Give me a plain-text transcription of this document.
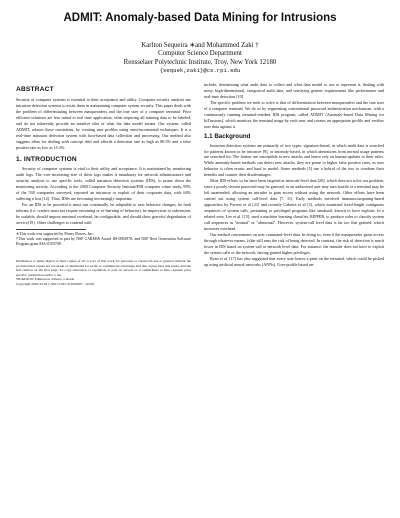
ADMIT: Anomaly-based Data Mining for Intrusions
Karlton Sequeira ∗and Mohammed Zaki †
Computer Science Department
Rensselaer Polytechnic Institute, Troy, New York 12180
{sequek,zaki}@cs.rpi.edu
ABSTRACT

Security of computer systems is essential to their acceptance and utility. Computer security analysts use intrusion detection systems to assist them in maintaining computer system security. This paper deals with the problem of differentiating between masqueraders and the true user of a computer terminal. Prior efficient solutions are less suited to real time application, often requiring all training data to be labeled, and do not inherently provide an intuitive idea of what the data model means. Our system, called ADMIT, relaxes these constraints, by creating user profiles using semi-incremental techniques. It is a real-time intrusion detection system with host-based data collection and processing. Our method also suggests ideas for dealing with concept drift and affords a detection rate as high as 80.3% and a false positive rate as low as 15.3%.

1. INTRODUCTION

Security of computer systems is vital to their utility and acceptance. It is maintained by monitoring audit logs. The ever-increasing size of these logs makes it mandatory for network administrators and security analysts to use specific tools, called intrusion detection systems (IDS), to prune down the monitoring activity. According to the 2000 Computer Security Institute/FBI computer crime study, 85% of the 538 companies surveyed, reported an intrusion or exploit of their corporate data, with 64% suffering a loss [12]. Thus, IDSs are becoming increasingly important.

For an IDS to be powerful it must run continually, be adaptable to new behavior changes, be fault tolerant (i.e, crashes must not require retraining or re-learning of behavior), be impervious to subversion, be scalable, should impose minimal overhead, be configurable, and should show graceful degradation of service[19]. Other challenges to contend with

∗This work was supported by Pitney Bowes, Inc.
†This work was supported in part by NSF CAREER Award IIS-0092978, and NSF Next Generation Software Program grant EIA-0103708.
Permission to make digital or hard copies of all or part of this work for personal or classroom use is granted without fee provided that copies are not made or distributed for profit or commercial advantage and that copies bear this notice and the full citation on the first page. To copy otherwise, to republish, to post on servers or to redistribute to lists, requires prior specific permission and/or a fee.
SIGKDD 02 Edmonton, Alberta, Canada
Copyright 2002 ACM 1-58113-567-X/02/0007 ...$5.00.

include, determining what audit data to collect and what data model to use to represent it, dealing with noisy, high-dimensional, categorical audit data, and satisfying generic requirements like performance and real-time detection [10].

The specific problem we seek to solve is that of differentiation between masqueraders and the true user of a computer terminal. We do so by segmenting conventional password authentication mechanism, with a continuously running terminal-resident IDS program, called ADMIT (Anomaly-based Data Mining for InTrusions), which monitors the terminal usage by each user and creates an appropriate profile and verifies user data against it.

1.1 Background

Intrusion detection systems are primarily of two types: signature-based, in which audit data is searched for patterns known to be intrusive [9], or anomaly-based, in which aberrations from normal usage patterns are searched for. The former are susceptible to new attacks and hence rely on human updates to their rules. While anomaly-based methods can detect new attacks, they are prone to higher false positive rates, as user behavior is often erratic and hard to model. Some methods [5] use a hybrid of the two to combine their benefits and counter their disadvantages.

Most IDS efforts so far have been targeted at network-level data [20], which does not solve our problem, since a poorly chosen password may be guessed, or an authorized user may turn hostile or a terminal may be left unattended, allowing an intruder to gain access without using the network. Other efforts have been carried out using system call-level data [7, 11]. Early methods involved immunocomputing-based approaches by Forrest et al [21] and recently Cabrera et al [3], which examined fixed-length contiguous sequences of system calls, pertaining to privileged programs like sendmail, known to have exploits. In a related vein, Lee et al. [15], used a machine learning classifier, RIPPER, to produce rules to classify system call sequences as "normal" or "abnormal". However, system-call level data is far too fine grained, which increases overhead.

Our method concentrates on user command-level data. In doing so, even if the masquerader gains access through whatever means, (s)he still runs the risk of being detected. In contrast, the risk of detection is much lower in IDS based on system-call or network level data. For instance, the intruder does not have to exploit the system calls or the network, having gained higher privileges.

Ryan et al. [17] has also suggested that every user leaves a print on the terminal, which could be picked up using artificial neural networks (ANNs). User-profile based an-
